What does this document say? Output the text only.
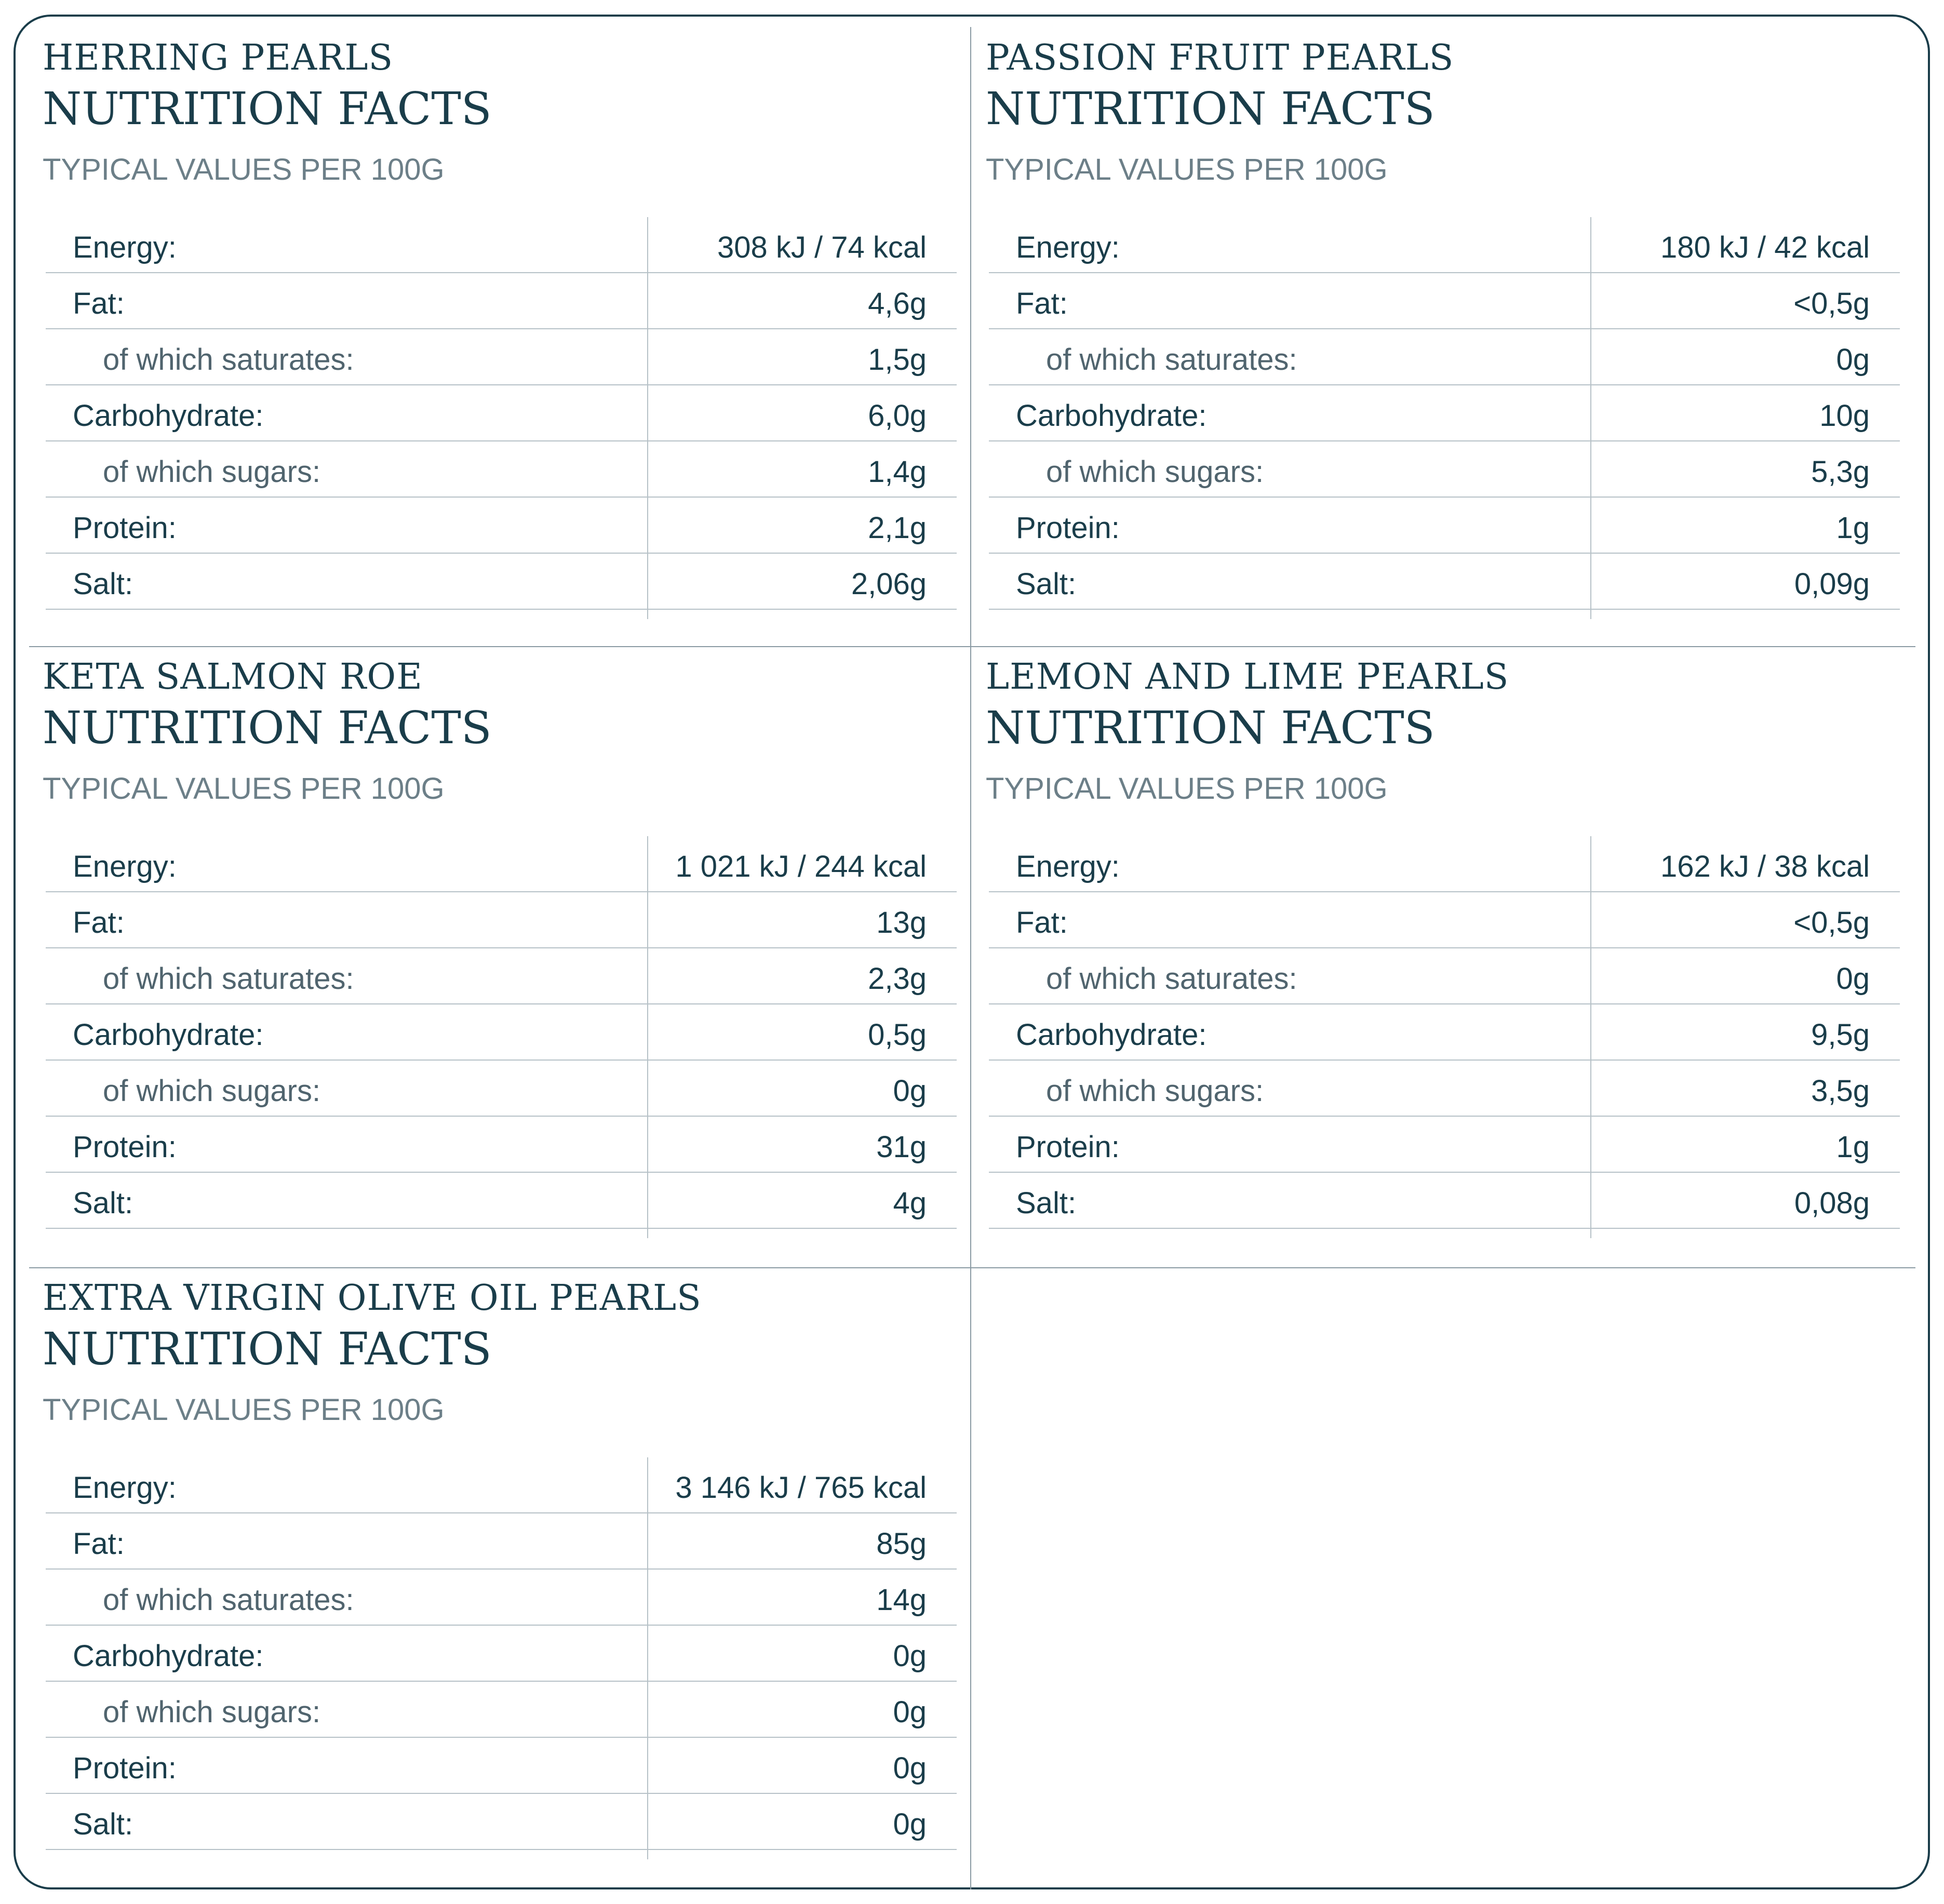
HERRING PEARLS
NUTRITION FACTS
TYPICAL VALUES PER 100G
Energy:	308 kJ / 74 kcal
Fat:	4,6g
of which saturates:	1,5g
Carbohydrate:	6,0g
of which sugars:	1,4g
Protein:	2,1g
Salt:	2,06g
PASSION FRUIT PEARLS
NUTRITION FACTS
TYPICAL VALUES PER 100G
Energy:	180 kJ / 42 kcal
Fat:	<0,5g
of which saturates:	0g
Carbohydrate:	10g
of which sugars:	5,3g
Protein:	1g
Salt:	0,09g
KETA SALMON ROE
NUTRITION FACTS
TYPICAL VALUES PER 100G
Energy:	1 021 kJ / 244 kcal
Fat:	13g
of which saturates:	2,3g
Carbohydrate:	0,5g
of which sugars:	0g
Protein:	31g
Salt:	4g
LEMON AND LIME PEARLS
NUTRITION FACTS
TYPICAL VALUES PER 100G
Energy:	162 kJ / 38 kcal
Fat:	<0,5g
of which saturates:	0g
Carbohydrate:	9,5g
of which sugars:	3,5g
Protein:	1g
Salt:	0,08g
EXTRA VIRGIN OLIVE OIL PEARLS
NUTRITION FACTS
TYPICAL VALUES PER 100G
Energy:	3 146 kJ / 765 kcal
Fat:	85g
of which saturates:	14g
Carbohydrate:	0g
of which sugars:	0g
Protein:	0g
Salt:	0g
